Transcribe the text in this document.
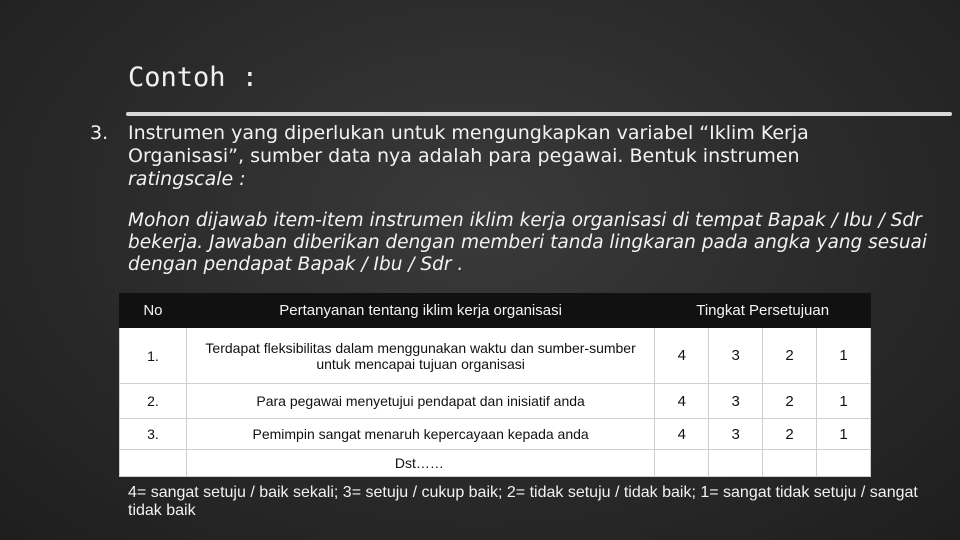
Contoh :
3. Instrumen yang diperlukan untuk mengungkapkan variabel “Iklim Kerja Organisasi”, sumber data nya adalah para pegawai. Bentuk instrumen
ratingscale :
Mohon dijawab item-item instrumen iklim kerja organisasi di tempat Bapak / Ibu / Sdr bekerja. Jawaban diberikan dengan memberi tanda lingkaran pada angka yang sesuai dengan pendapat Bapak / Ibu / Sdr .
No	Pertanyanan tentang iklim kerja organisasi	Tingkat Persetujuan			
1.	Terdapat fleksibilitas dalam menggunakan waktu dan sumber-sumber untuk mencapai tujuan organisasi	4	3	2	1
2.	Para pegawai menyetujui pendapat dan inisiatif anda	4	3	2	1
3.	Pemimpin sangat menaruh kepercayaan kepada anda	4	3	2	1

	Dst……				

4= sangat setuju / baik sekali; 3= setuju / cukup baik; 2= tidak setuju / tidak baik; 1= sangat tidak setuju / sangat tidak baik
